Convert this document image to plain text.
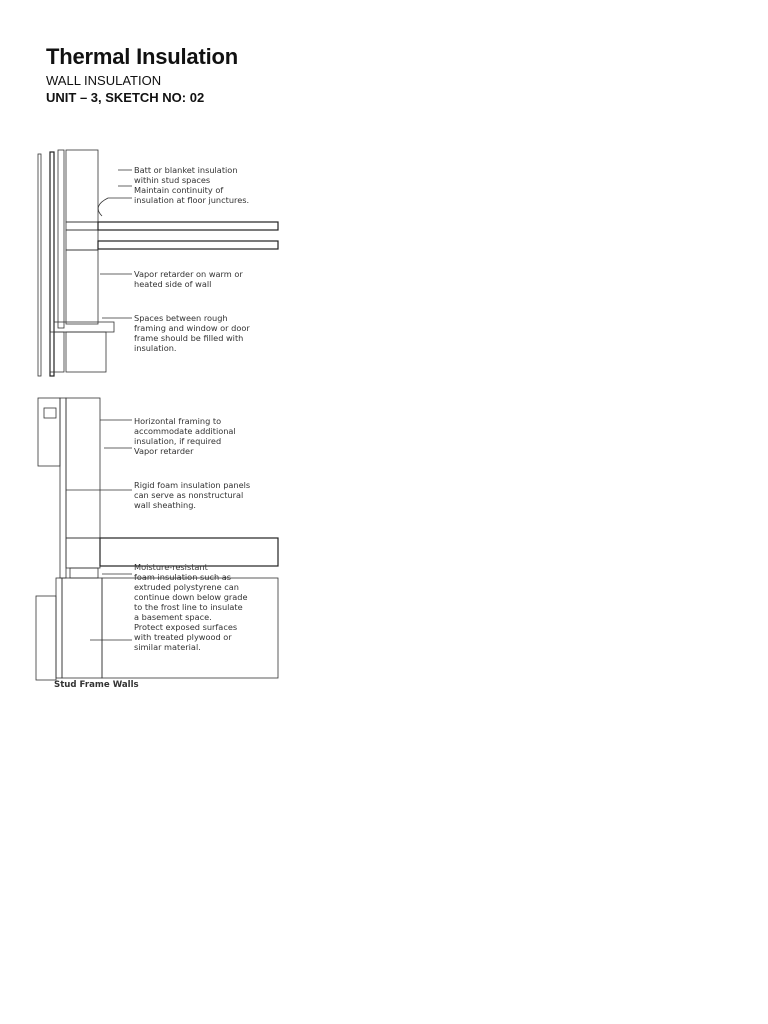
Thermal Insulation
WALL INSULATION
UNIT – 3, SKETCH NO: 02
Batt or blanket insulation within stud spaces Maintain continuity of insulation at floor junctures.
Vapor retarder on warm or heated side of wall
Spaces between rough framing and window or door frame should be filled with insulation.
Horizontal framing to accommodate additional insulation, if required Vapor retarder
Rigid foam insulation panels can serve as nonstructural wall sheathing.
Moisture-resistant foam insulation such as extruded polystyrene can continue down below grade to the frost line to insulate a basement space. Protect exposed surfaces with treated plywood or similar material.
Stud Frame Walls
